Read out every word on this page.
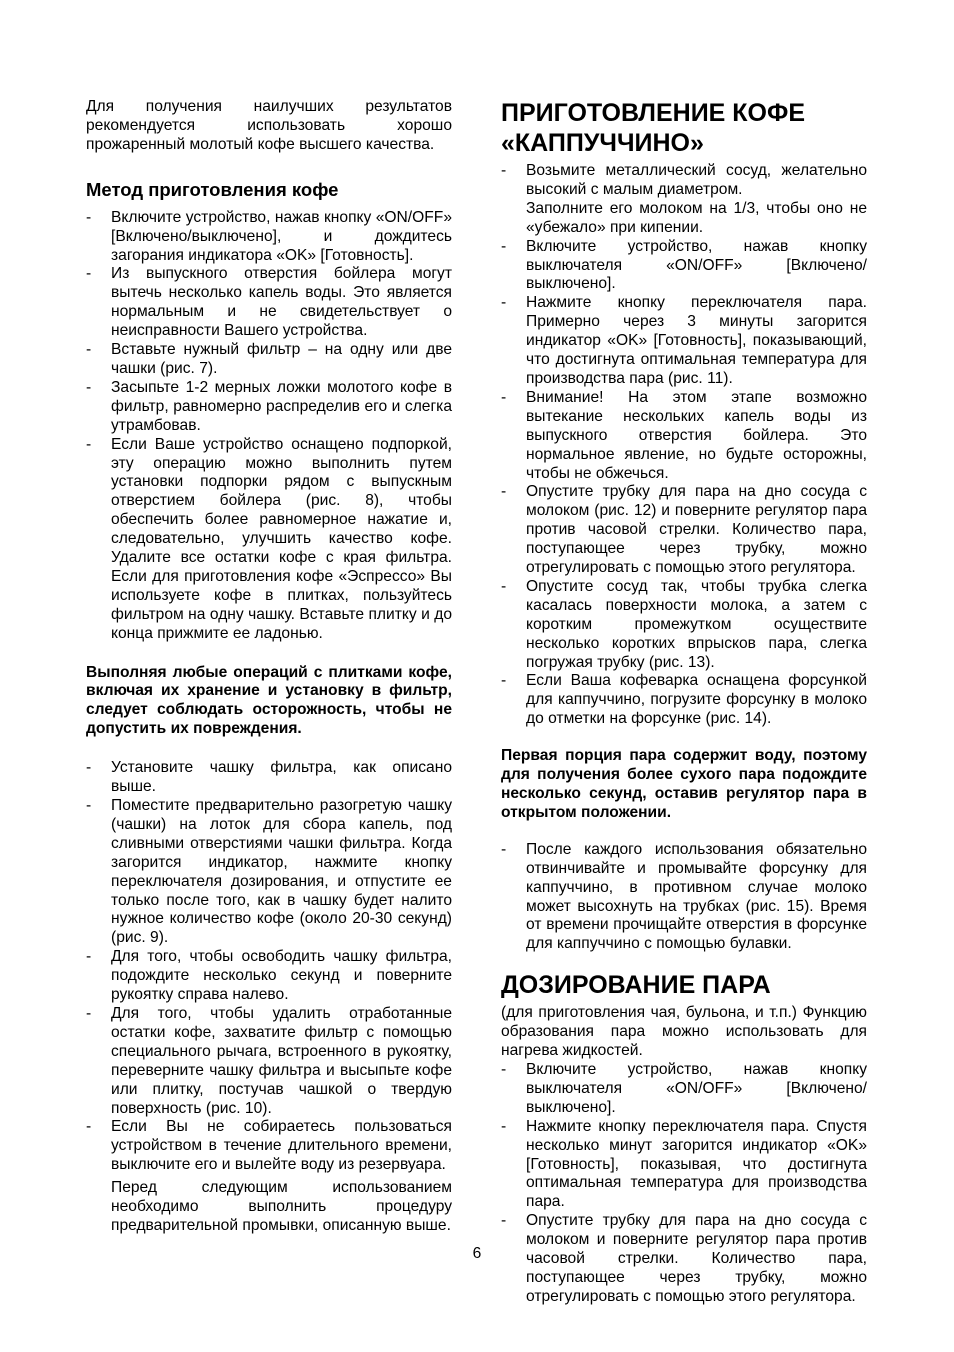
Для получения наилучших результатов рекомендуется использовать хорошо прожаренный молотый кофе высшего качества.

Метод приготовления кофе
- Включите устройство, нажав кнопку «ON/OFF» [Включено/выключено], и дождитесь загорания индикатора «OK» [Готовность].
- Из выпускного отверстия бойлера могут вытечь несколько капель воды. Это является нормальным и не свидетельствует о неисправности Вашего устройства.
- Вставьте нужный фильтр – на одну или две чашки (рис. 7).
- Засыпьте 1-2 мерных ложки молотого кофе в фильтр, равномерно распределив его и слегка утрамбовав.
- Если Ваше устройство оснащено подпоркой, эту операцию можно выполнить путем установки подпорки рядом с выпускным отверстием бойлера (рис. 8), чтобы обеспечить более равномерное нажатие и, следовательно, улучшить качество кофе. Удалите все остатки кофе с края фильтра. Если для приготовления кофе «Эспрессо» Вы используете кофе в плитках, пользуйтесь фильтром на одну чашку. Вставьте плитку и до конца прижмите ее ладонью.

Выполняя любые операций с плитками кофе, включая их хранение и установку в фильтр, следует соблюдать осторожность, чтобы не допустить их повреждения.

- Установите чашку фильтра, как описано выше.
- Поместите предварительно разогретую чашку (чашки) на лоток для сбора капель, под сливными отверстиями чашки фильтра. Когда загорится индикатор, нажмите кнопку переключателя дозирования, и отпустите ее только после того, как в чашку будет налито нужное количество кофе (около 20-30 секунд) (рис. 9).
- Для того, чтобы освободить чашку фильтра, подождите несколько секунд и поверните рукоятку справа налево.
- Для того, чтобы удалить отработанные остатки кофе, захватите фильтр с помощью специального рычага, встроенного в рукоятку, переверните чашку фильтра и высыпьте кофе или плитку, постучав чашкой о твердую поверхность (рис. 10).
- Если Вы не собираетесь пользоваться устройством в течение длительного времени, выключите его и вылейте воду из резервуара.
Перед следующим использованием необходимо выполнить процедуру предварительной промывки, описанную выше.
ПРИГОТОВЛЕНИЕ КОФЕ «КАППУЧЧИНО»
- Возьмите металлический сосуд, желательно высокий с малым диаметром.
Заполните его молоком на 1/3, чтобы оно не «убежало» при кипении.
- Включите устройство, нажав кнопку выключателя «ON/OFF» [Включено/выключено].
- Нажмите кнопку переключателя пара. Примерно через 3 минуты загорится индикатор «OK» [Готовность], показывающий, что достигнута оптимальная температура для производства пара (рис. 11).
- Внимание! На этом этапе возможно вытекание нескольких капель воды из выпускного отверстия бойлера. Это нормальное явление, но будьте осторожны, чтобы не обжечься.
- Опустите трубку для пара на дно сосуда с молоком (рис. 12) и поверните регулятор пара против часовой стрелки. Количество пара, поступающее через трубку, можно отрегулировать с помощью этого регулятора.
- Опустите сосуд так, чтобы трубка слегка касалась поверхности молока, а затем с коротким промежутком осуществите несколько коротких впрысков пара, слегка погружая трубку (рис. 13).
- Если Ваша кофеварка оснащена форсункой для каппуччино, погрузите форсунку в молоко до отметки на форсунке (рис. 14).

Первая порция пара содержит воду, поэтому для получения более сухого пара подождите несколько секунд, оставив регулятор пара в открытом положении.

- После каждого использования обязательно отвинчивайте и промывайте форсунку для каппуччино, в противном случае молоко может высохнуть на трубках (рис. 15). Время от времени прочищайте отверстия в форсунке для каппуччино с помощью булавки.
ДОЗИРОВАНИЕ ПАРА

(для приготовления чая, бульона, и т.п.) Функцию образования пара можно использовать для нагрева жидкостей.

- Включите устройство, нажав кнопку выключателя «ON/OFF» [Включено/выключено].
- Нажмите кнопку переключателя пара. Спустя несколько минут загорится индикатор «OK» [Готовность], показывая, что достигнута оптимальная температура для производства пара.
- Опустите трубку для пара на дно сосуда с молоком и поверните регулятор пара против часовой стрелки. Количество пара, поступающее через трубку, можно отрегулировать с помощью этого регулятора.
6
